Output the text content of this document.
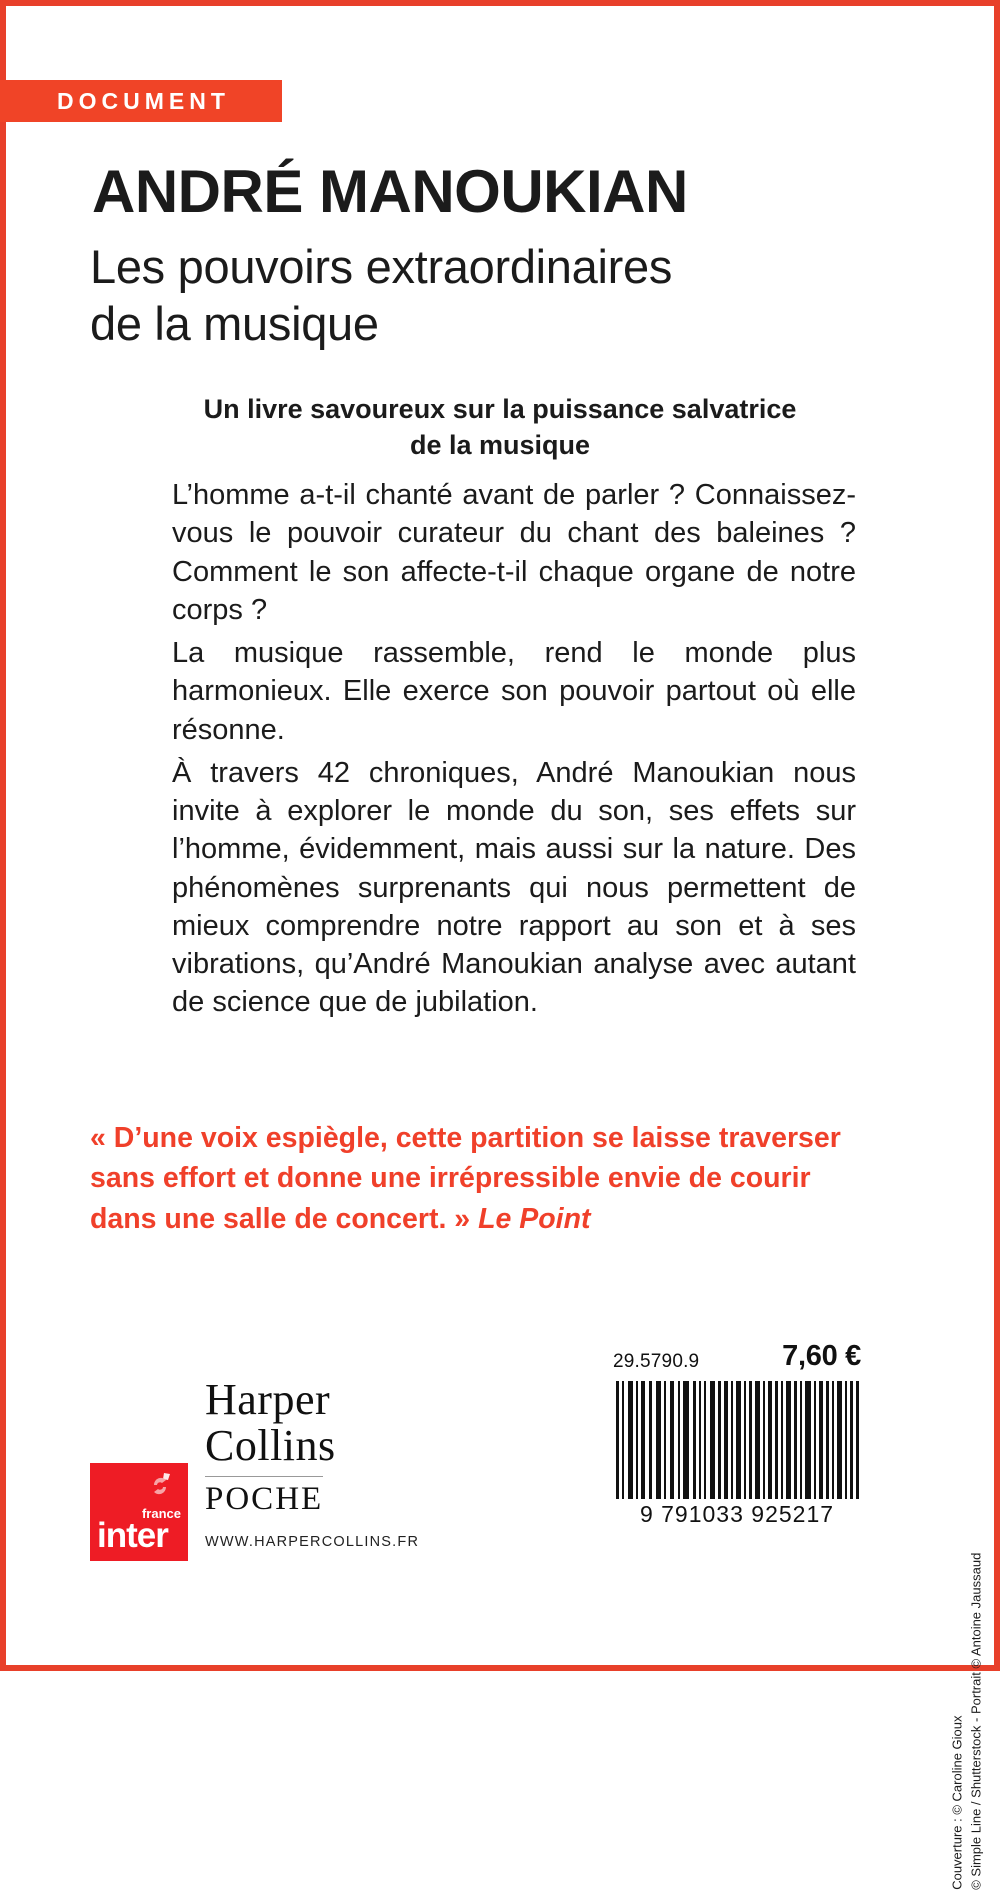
DOCUMENT
ANDRÉ MANOUKIAN
Les pouvoirs extraordinaires
de la musique
Un livre savoureux sur la puissance salvatrice
de la musique

L’homme a-t-il chanté avant de parler ? Connaissez-vous le pouvoir curateur du chant des baleines ? Comment le son affecte-t-il chaque organe de notre corps ?

La musique rassemble, rend le monde plus harmonieux. Elle exerce son pouvoir partout où elle résonne.

À travers 42 chroniques, André Manoukian nous invite à explorer le monde du son, ses effets sur l’homme, évidemment, mais aussi sur la nature. Des phénomènes surprenants qui nous permettent de mieux comprendre notre rapport au son et à ses vibrations, qu’André Manoukian analyse avec autant de science que de jubilation.

« D’une voix espiègle, cette partition se laisse traverser sans effort et donne une irrépressible envie de courir dans une salle de concert. » Le Point
france
inter
Harper
Collins
POCHE
WWW.HARPERCOLLINS.FR
29.5790.9	7,60 €
9 791033 925217
Couverture : © Caroline Gioux © Simple Line / Shutterstock - Portrait © Antoine Jaussaud
